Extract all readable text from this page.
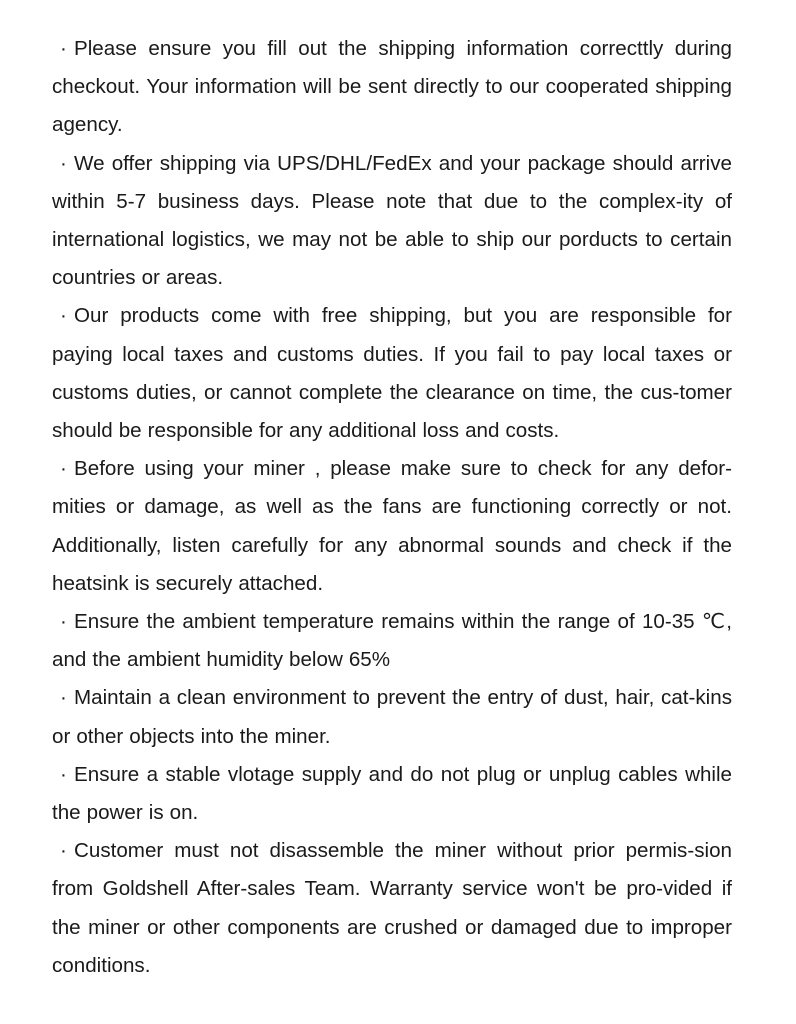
· Please ensure you fill out the shipping information correcttly during checkout. Your information will be sent directly to our cooperated shipping agency.
· We offer shipping via UPS/DHL/FedEx and your package should arrive within 5-7 business days. Please note that due to the complex-ity of international logistics, we may not be able to ship our porducts to certain countries or areas.
· Our products come with free shipping, but you are responsible for paying local taxes and customs duties. If you fail to pay local taxes or customs duties, or cannot complete the clearance on time, the cus-tomer should be responsible for any additional loss and costs.
· Before using your miner , please make sure to check for any defor-mities or damage, as well as the fans are functioning correctly or not. Additionally, listen carefully for any abnormal sounds and check if the heatsink is securely attached.
· Ensure the ambient temperature remains within the range of 10-35 ℃, and the ambient humidity below 65%
· Maintain a clean environment to prevent the entry of dust, hair, cat-kins or other objects into the miner.
· Ensure a stable vlotage supply and do not plug or unplug cables while the power is on.
· Customer must not disassemble the miner without prior permis-sion from Goldshell After-sales Team. Warranty service won't be pro-vided if the miner or other components are crushed or damaged due to improper conditions.
